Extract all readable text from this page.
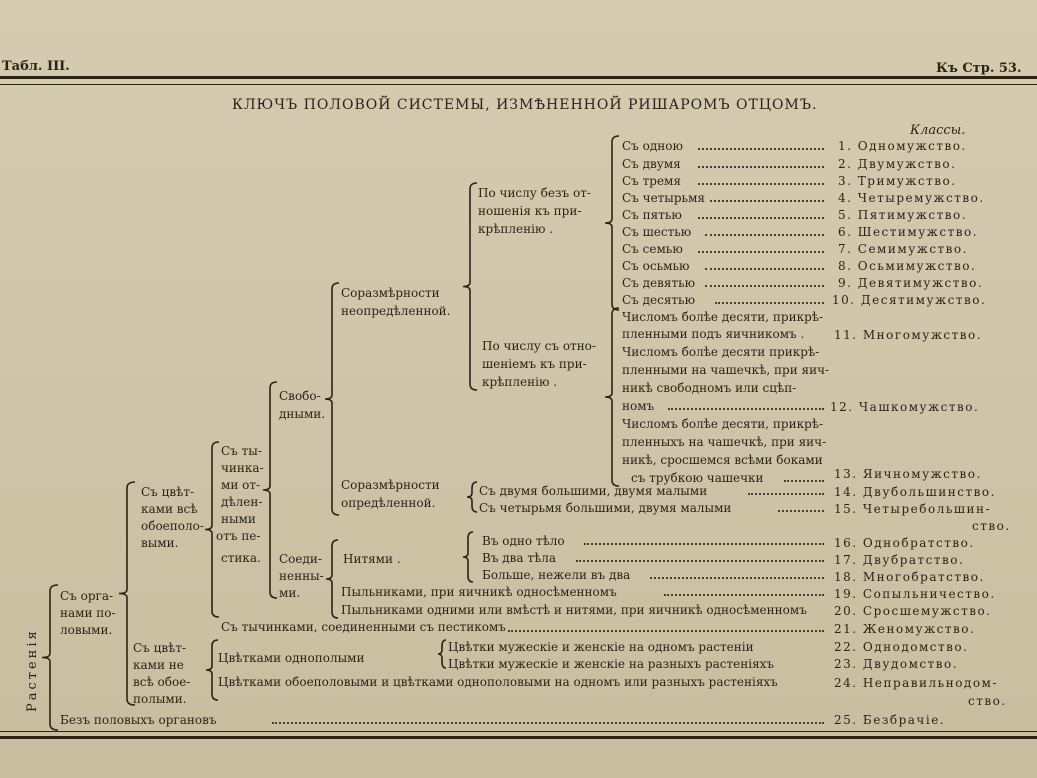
Табл. III.	Къ Стр. 53.
КЛЮЧЪ ПОЛОВОЙ СИСТЕМЫ, ИЗМѢНЕННОЙ РИШАРОМЪ ОТЦОМЪ.
Классы.
Растенія
Съ орга-
нами по-
ловыми.
Безъ половыхъ органовъ
Съ цвѣт-
ками всѣ
обоеполо-
выми.
Съ цвѣт-
ками не
всѣ обое-
полыми.
Съ ты-
чинка-
ми от-
дѣлен-
ными
отъ пе-
стика.
Съ тычинками, соединенными съ пестикомъ
Цвѣтками однополыми
Цвѣтками обоеполовыми и цвѣтками однополовыми на одномъ или разныхъ растеніяхъ
Свобо-
дными.
Соеди-
ненны-
ми.
Соразмѣрности
неопредѣленной.
Соразмѣрности
опредѣленной.
Нитями .
Пыльниками, при яичникѣ односѣменномъ
Пыльниками одними или вмѣстѣ и нитями, при яичникѣ односѣменномъ
По числу безъ от-
ношенія къ при-
крѣпленію .
По числу съ отно-
шеніемъ къ при-
крѣпленію .
Съ одною
Съ двумя
Съ тремя
Съ четырьмя
Съ пятью
Съ шестью
Съ семью
Съ осьмью
Съ девятью
Съ десятью
Числомъ болѣе десяти, прикрѣ-
пленными подъ яичникомъ .
Числомъ болѣе десяти прикрѣ-
пленными на чашечкѣ, при яич-
никѣ свободномъ или сцѣп-
номъ
Числомъ болѣе десяти, прикрѣ-
пленныхъ на чашечкѣ, при яич-
никѣ, сросшемся всѣми боками
съ трубкою чашечки
Съ двумя большими, двумя малыми
Съ четырьмя большими, двумя малыми
Въ одно тѣло
Въ два тѣла
Больше, нежели въ два
Цвѣтки мужескіе и женскіе на одномъ растеніи
Цвѣтки мужескіе и женскіе на разныхъ растеніяхъ
1. Одномужство.
2. Двумужство.
3. Тримужство.
4. Четыремужство.
5. Пятимужство.
6. Шестимужство.
7. Семимужство.
8. Осьмимужство.
9. Девятимужство.
10. Десятимужство.
11. Многомужство.
12. Чашкомужство.
13. Яичномужство.
14. Двубольшинство.
15. Четыребольшин-
ство.
16. Однобратство.
17. Двубратство.
18. Многобратство.
19. Сопыльничество.
20. Сросшемужство.
21. Женомужство.
22. Однодомство.
23. Двудомство.
24. Неправильнодом-
ство.
25. Безбрачіе.
